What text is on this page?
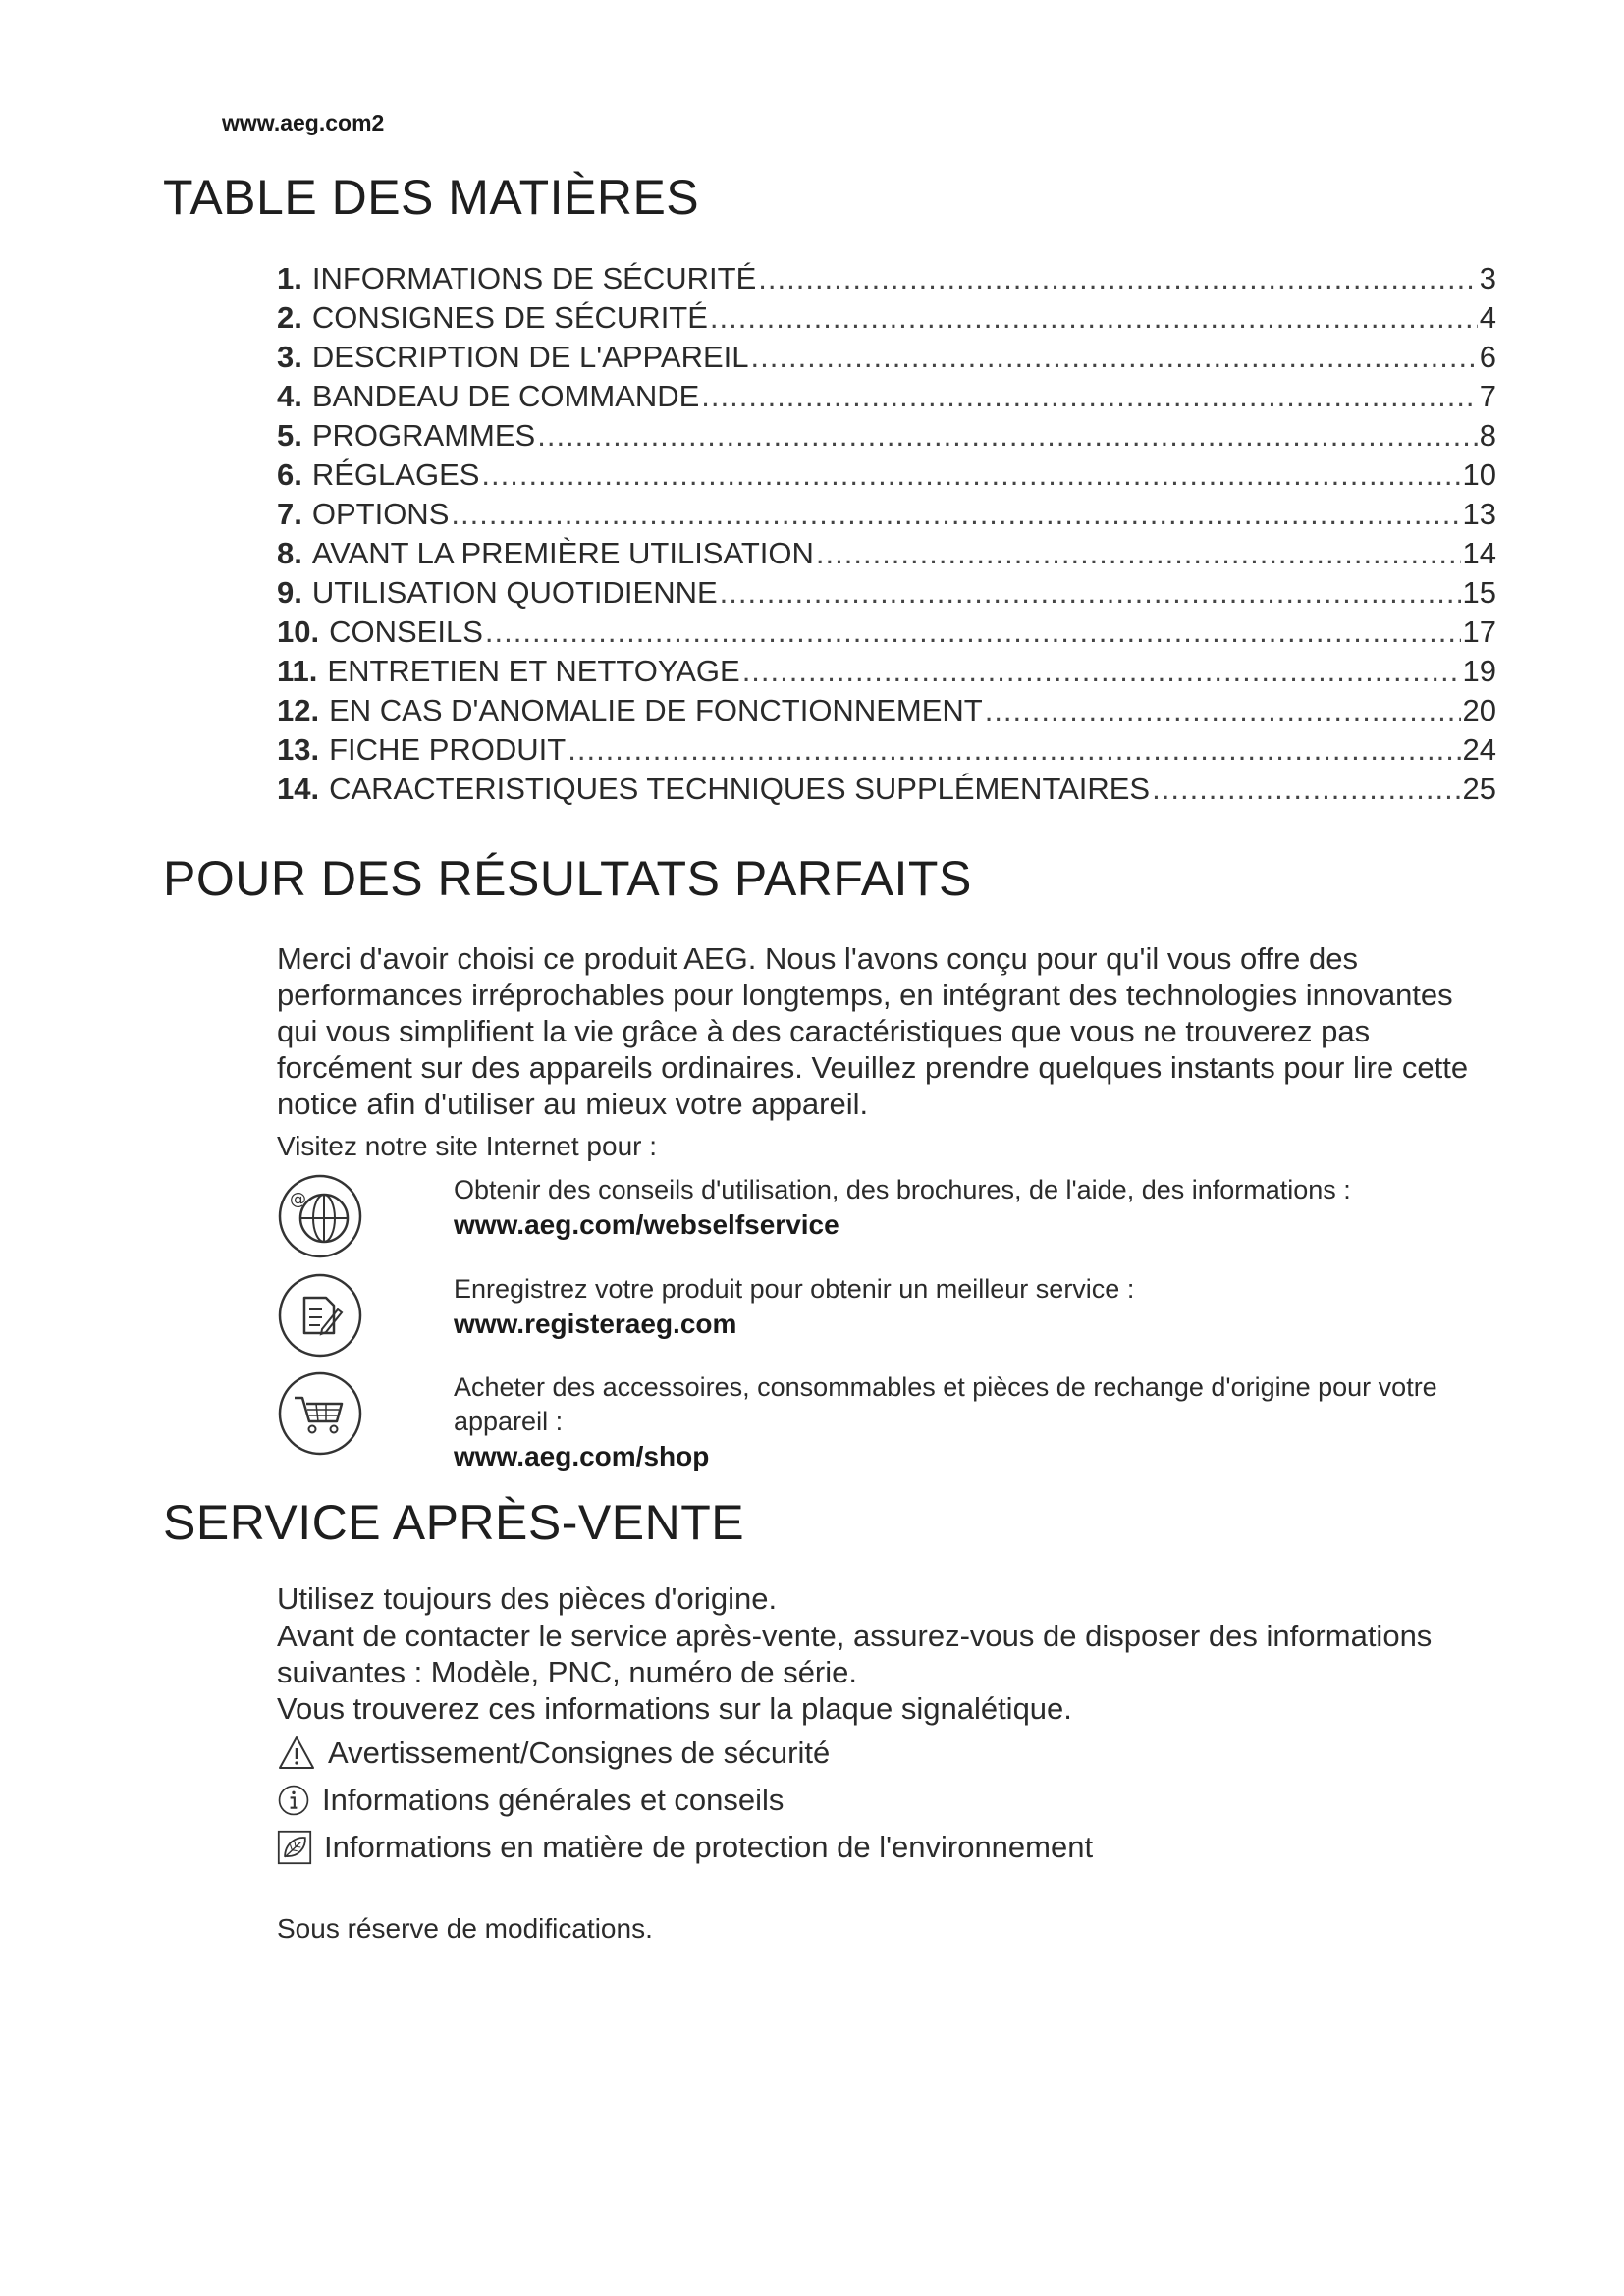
www.aeg.com2
TABLE DES MATIÈRES
1. INFORMATIONS DE SÉCURITÉ .....	3
2. CONSIGNES DE SÉCURITÉ .....	4
3. DESCRIPTION DE L'APPAREIL .....	6
4. BANDEAU DE COMMANDE .....	7
5. PROGRAMMES .....	8
6. RÉGLAGES .....	10
7. OPTIONS .....	13
8. AVANT LA PREMIÈRE UTILISATION .....	14
9. UTILISATION QUOTIDIENNE .....	15
10. CONSEILS .....	17
11. ENTRETIEN ET NETTOYAGE .....	19
12. EN CAS D'ANOMALIE DE FONCTIONNEMENT .....	20
13. FICHE PRODUIT .....	24
14. CARACTERISTIQUES TECHNIQUES SUPPLÉMENTAIRES .....	25
POUR DES RÉSULTATS PARFAITS

Merci d'avoir choisi ce produit AEG. Nous l'avons conçu pour qu'il vous offre des performances irréprochables pour longtemps, en intégrant des technologies innovantes qui vous simplifient la vie grâce à des caractéristiques que vous ne trouverez pas forcément sur des appareils ordinaires. Veuillez prendre quelques instants pour lire cette notice afin d'utiliser au mieux votre appareil.

Visitez notre site Internet pour :
@	Obtenir des conseils d'utilisation, des brochures, de l'aide, des informations :
www.aeg.com/webselfservice
Enregistrez votre produit pour obtenir un meilleur service :
www.registeraeg.com
Acheter des accessoires, consommables et pièces de rechange d'origine pour votre appareil :
www.aeg.com/shop
SERVICE APRÈS-VENTE

Utilisez toujours des pièces d'origine.

Avant de contacter le service après-vente, assurez-vous de disposer des informations suivantes : Modèle, PNC, numéro de série.

Vous trouverez ces informations sur la plaque signalétique.

Avertissement/Consignes de sécurité
Informations générales et conseils
Informations en matière de protection de l'environnement
Sous réserve de modifications.
